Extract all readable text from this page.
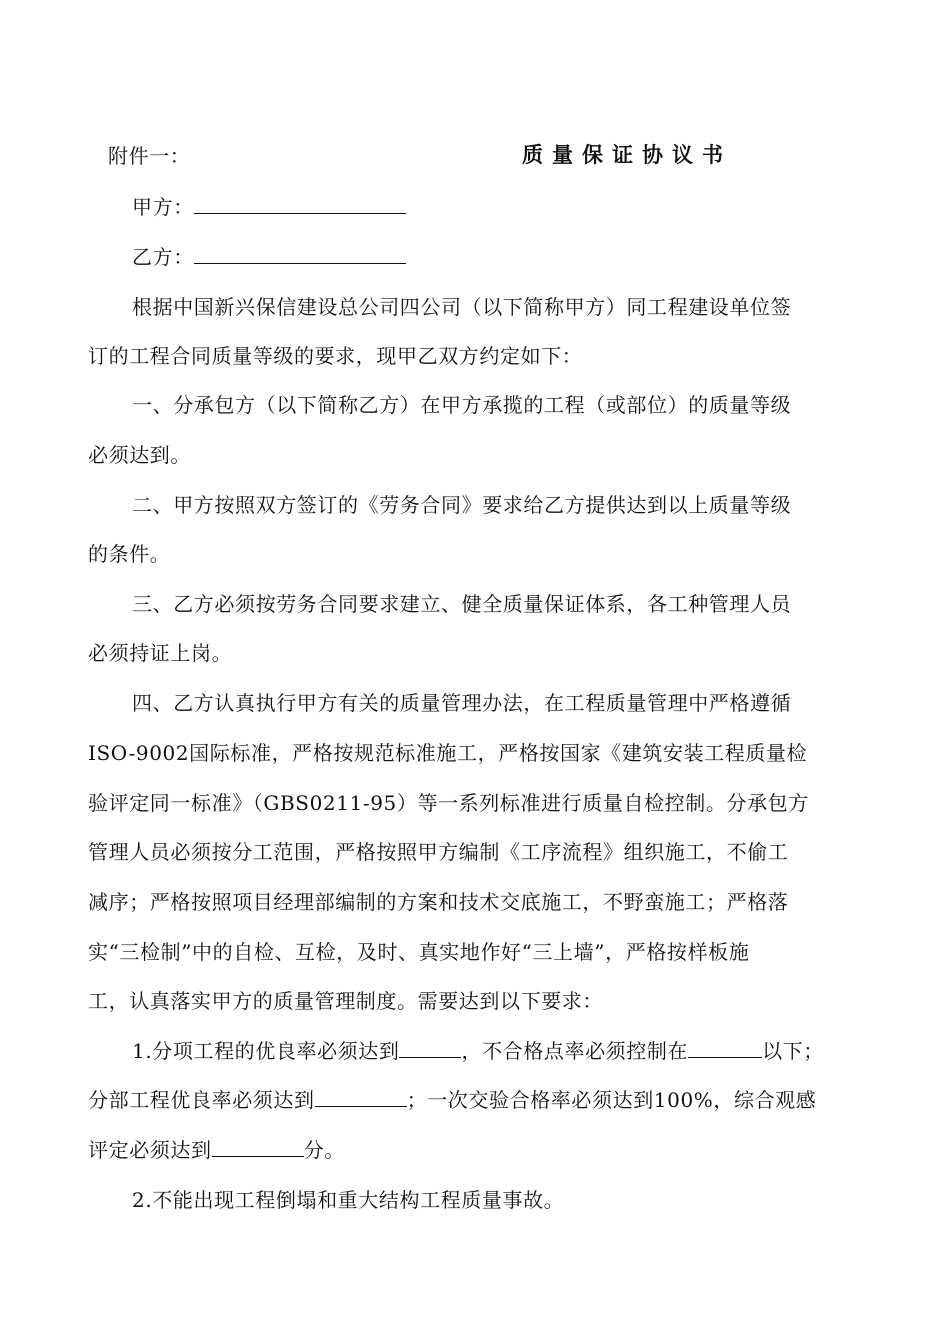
附件一：	质量保证协议书
甲方：
乙方：
根据中国新兴保信建设总公司四公司（以下简称甲方）同工程建设单位签
订的工程合同质量等级的要求，现甲乙双方约定如下：
一、分承包方（以下简称乙方）在甲方承揽的工程（或部位）的质量等级
必须达到。
二、甲方按照双方签订的《劳务合同》要求给乙方提供达到以上质量等级
的条件。
三、乙方必须按劳务合同要求建立、健全质量保证体系，各工种管理人员
必须持证上岗。
四、乙方认真执行甲方有关的质量管理办法，在工程质量管理中严格遵循
ISO-9002国际标准，严格按规范标准施工，严格按国家《建筑安装工程质量检
验评定同一标准》（GBS0211-95）等一系列标准进行质量自检控制。分承包方
管理人员必须按分工范围，严格按照甲方编制《工序流程》组织施工，不偷工
减序；严格按照项目经理部编制的方案和技术交底施工，不野蛮施工；严格落
实“三检制”中的自检、互检，及时、真实地作好“三上墙”，严格按样板施
工，认真落实甲方的质量管理制度。需要达到以下要求：
1.分项工程的优良率必须达到	，不合格点率必须控制在	以下；
分部工程优良率必须达到	；一次交验合格率必须达到100%，综合观感
评定必须达到	分。
2.不能出现工程倒塌和重大结构工程质量事故。
